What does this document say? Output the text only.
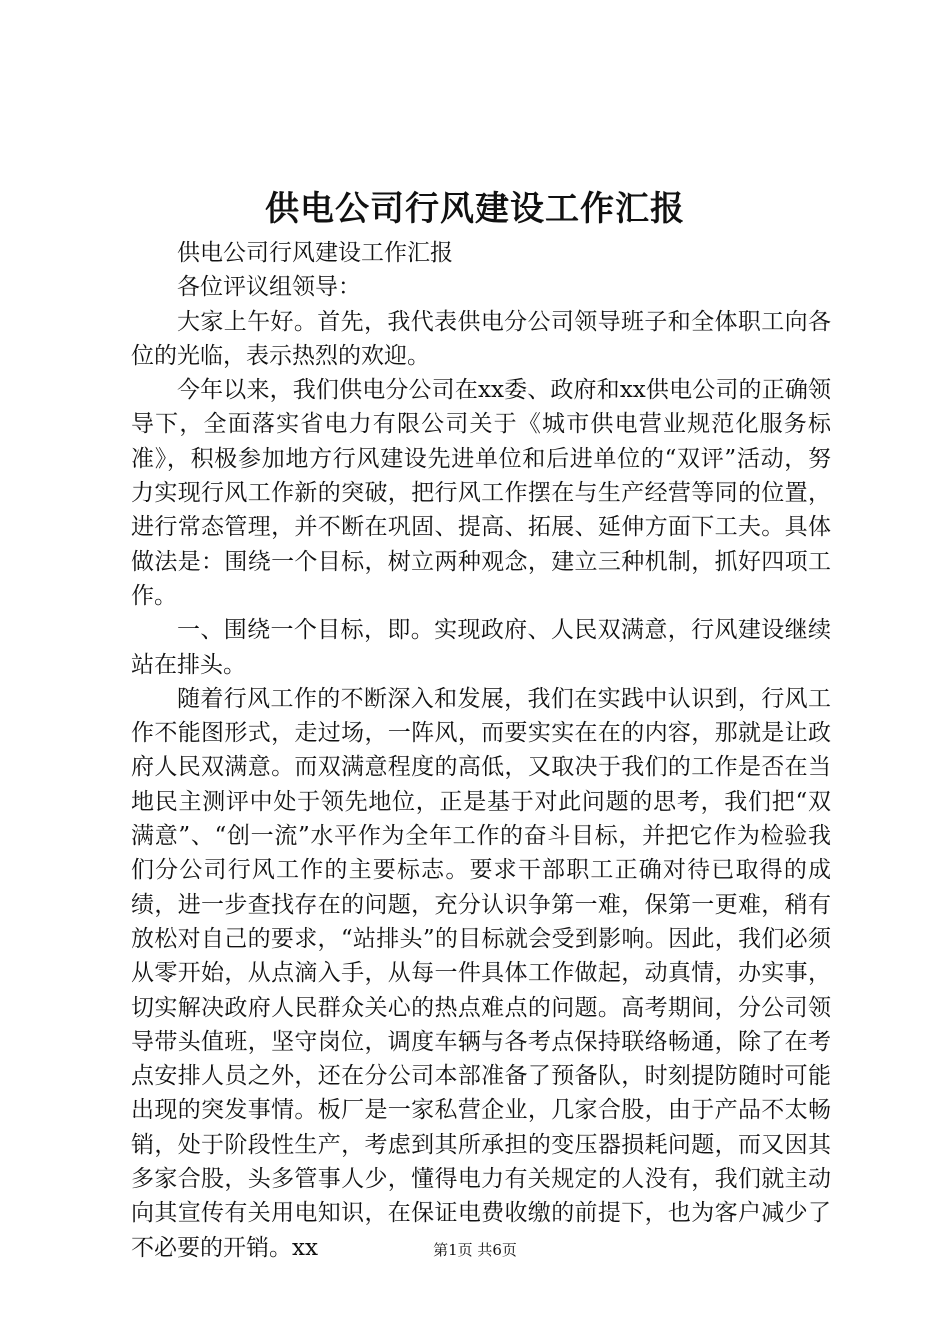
供电公司行风建设工作汇报

供电公司行风建设工作汇报

各位评议组领导：

大家上午好。首先，我代表供电分公司领导班子和全体职工向各位的光临，表示热烈的欢迎。

今年以来，我们供电分公司在xx委、政府和xx供电公司的正确领导下，全面落实省电力有限公司关于《城市供电营业规范化服务标准》，积极参加地方行风建设先进单位和后进单位的“双评”活动，努力实现行风工作新的突破，把行风工作摆在与生产经营等同的位置，进行常态管理，并不断在巩固、提高、拓展、延伸方面下工夫。具体做法是：围绕一个目标，树立两种观念，建立三种机制，抓好四项工作。

一、围绕一个目标，即。实现政府、人民双满意，行风建设继续站在排头。

随着行风工作的不断深入和发展，我们在实践中认识到，行风工作不能图形式，走过场，一阵风，而要实实在在的内容，那就是让政府人民双满意。而双满意程度的高低，又取决于我们的工作是否在当地民主测评中处于领先地位，正是基于对此问题的思考，我们把“双满意”、“创一流”水平作为全年工作的奋斗目标，并把它作为检验我们分公司行风工作的主要标志。要求干部职工正确对待已取得的成绩，进一步查找存在的问题，充分认识争第一难，保第一更难，稍有放松对自己的要求，“站排头”的目标就会受到影响。因此，我们必须从零开始，从点滴入手，从每一件具体工作做起，动真情，办实事，切实解决政府人民群众关心的热点难点的问题。高考期间，分公司领导带头值班，坚守岗位，调度车辆与各考点保持联络畅通，除了在考点安排人员之外，还在分公司本部准备了预备队，时刻提防随时可能出现的突发事情。板厂是一家私营企业，几家合股，由于产品不太畅销，处于阶段性生产，考虑到其所承担的变压器损耗问题，而又因其多家合股，头多管事人少，懂得电力有关规定的人没有，我们就主动向其宣传有关用电知识，在保证电费收缴的前提下，也为客户减少了不必要的开销。xx	第1页 共6页
